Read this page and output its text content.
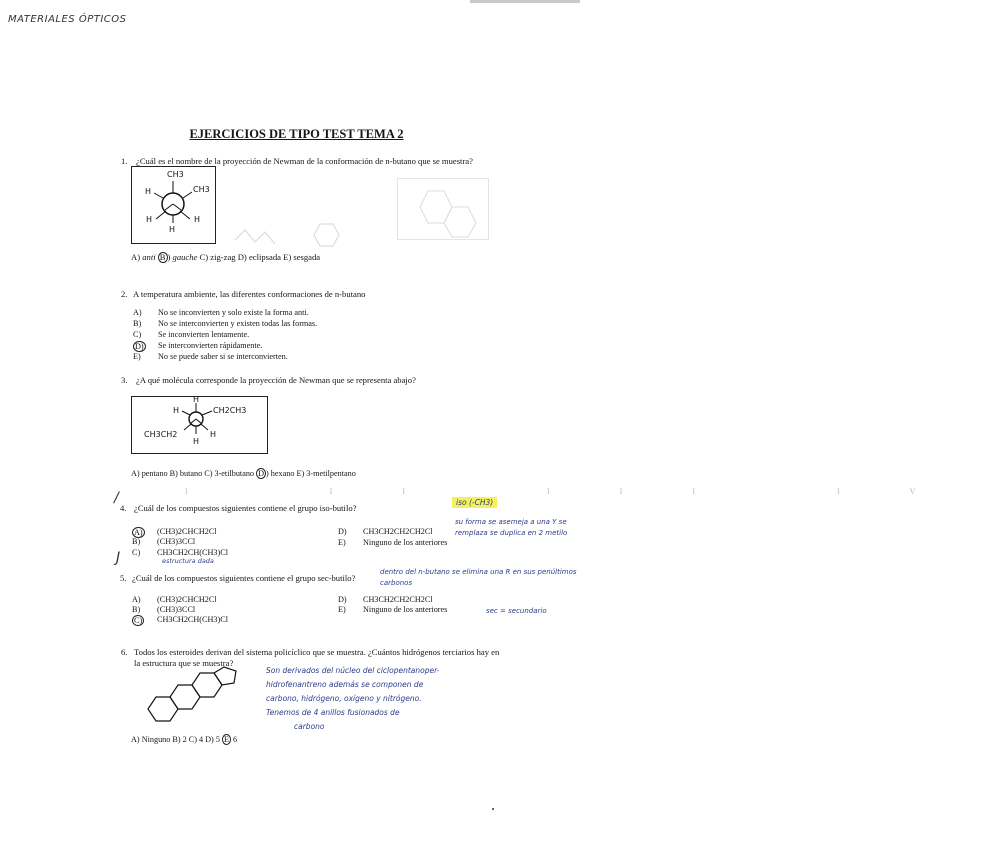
MATERIALES ÓPTICOS
EJERCICIOS DE TIPO TEST TEMA 2
1. ¿Cuál es el nombre de la proyección de Newman de la conformación de n-butano que se muestra?
CH3
H	CH3
H	H
H
A) anti B ) gauche C) zig-zag D) eclipsada E) sesgada
2. A temperatura ambiente, las diferentes conformaciones de n-butano
A) No se inconvierten y solo existe la forma anti.
B) No se interconvierten y existen todas las formas.
C) Se inconvierten lentamente.
D) Se interconvierten rápidamente.
E) No se puede saber si se interconvierten.
3. ¿A qué molécula corresponde la proyección de Newman que se representa abajo?
H
H	CH2CH3
CH3CH2	H
H
A) pentano B) butano C) 3-etilbutano D ) hexano E) 3-metilpentano
I II III IV
/
4. ¿Cuál de los compuestos siguientes contiene el grupo iso-butilo?
iso (-CH3)
su forma se asemeja a una Y se remplaza se duplica en 2 metilo
A) (CH3)2CHCH2Cl
B) (CH3)3CCl
C) CH3CH2CH(CH3)Cl
D) CH3CH2CH2CH2Cl
E) Ninguno de los anteriores
estructura dada
J
5. ¿Cuál de los compuestos siguientes contiene el grupo sec-butilo?
dentro del n-butano se elimina una R en sus penúltimos carbonos
sec = secundario
A) (CH3)2CHCH2Cl
B) (CH3)3CCl
C) CH3CH2CH(CH3)Cl
D) CH3CH2CH2CH2Cl
E) Ninguno de los anteriores
6. Todos los esteroides derivan del sistema policíclico que se muestra. ¿Cuántos hidrógenos terciarios hay en
la estructura que se muestra?
Son derivados del núcleo del ciclopentanoper-
hidrofenantreno además se componen de
carbono, hidrógeno, oxígeno y nitrógeno.
Tenemos de 4 anillos fusionados de
carbono
A) Ninguno B) 2 C) 4 D) 5 E 6
